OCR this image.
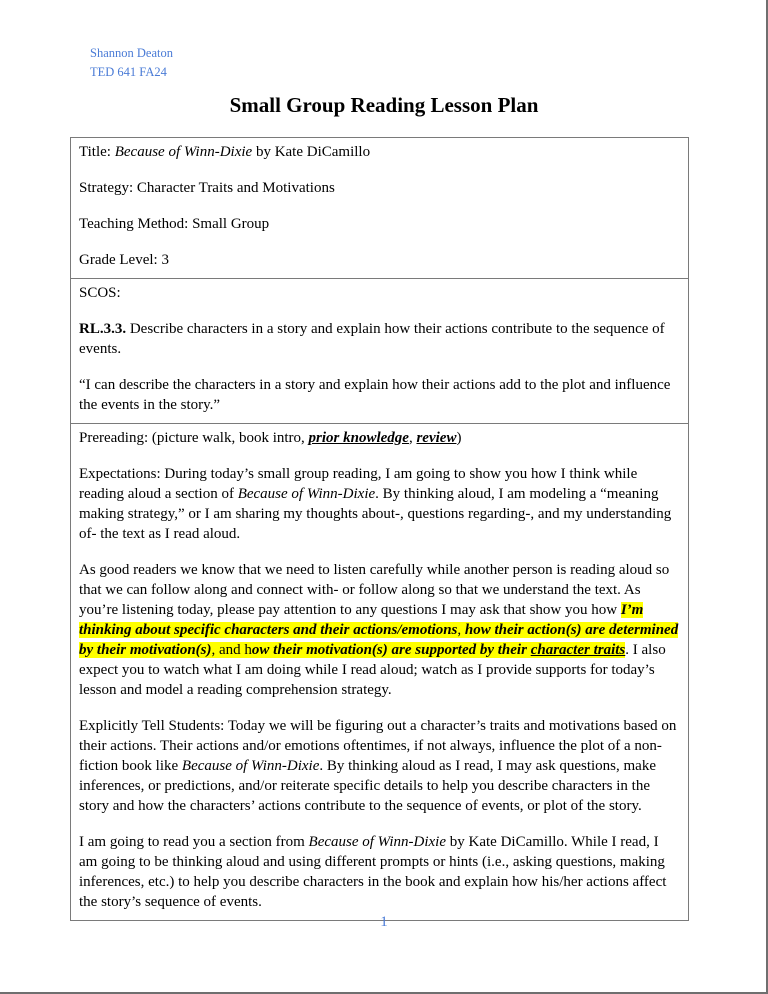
Shannon Deaton
TED 641 FA24
Small Group Reading Lesson Plan

Title: Because of Winn-Dixie by Kate DiCamillo

Strategy: Character Traits and Motivations

Teaching Method: Small Group

Grade Level: 3

SCOS:

RL.3.3. Describe characters in a story and explain how their actions contribute to the sequence of events.

“I can describe the characters in a story and explain how their actions add to the plot and influence the events in the story.”

Prereading: (picture walk, book intro, prior knowledge, review)

Expectations: During today’s small group reading, I am going to show you how I think while reading aloud a section of Because of Winn-Dixie. By thinking aloud, I am modeling a “meaning making strategy,” or I am sharing my thoughts about-, questions regarding-, and my understanding of- the text as I read aloud.

As good readers we know that we need to listen carefully while another person is reading aloud so that we can follow along and connect with- or follow along so that we understand the text. As you’re listening today, please pay attention to any questions I may ask that show you how I’m thinking about specific characters and their actions/emotions, how their action(s) are determined by their motivation(s), and how their motivation(s) are supported by their character traits. I also expect you to watch what I am doing while I read aloud; watch as I provide supports for today’s lesson and model a reading comprehension strategy.

Explicitly Tell Students: Today we will be figuring out a character’s traits and motivations based on their actions. Their actions and/or emotions oftentimes, if not always, influence the plot of a non-fiction book like Because of Winn-Dixie. By thinking aloud as I read, I may ask questions, make inferences, or predictions, and/or reiterate specific details to help you describe characters in the story and how the characters’ actions contribute to the sequence of events, or plot of the story.

I am going to read you a section from Because of Winn-Dixie by Kate DiCamillo. While I read, I am going to be thinking aloud and using different prompts or hints (i.e., asking questions, making inferences, etc.) to help you describe characters in the book and explain how his/her actions affect the story’s sequence of events.

1
